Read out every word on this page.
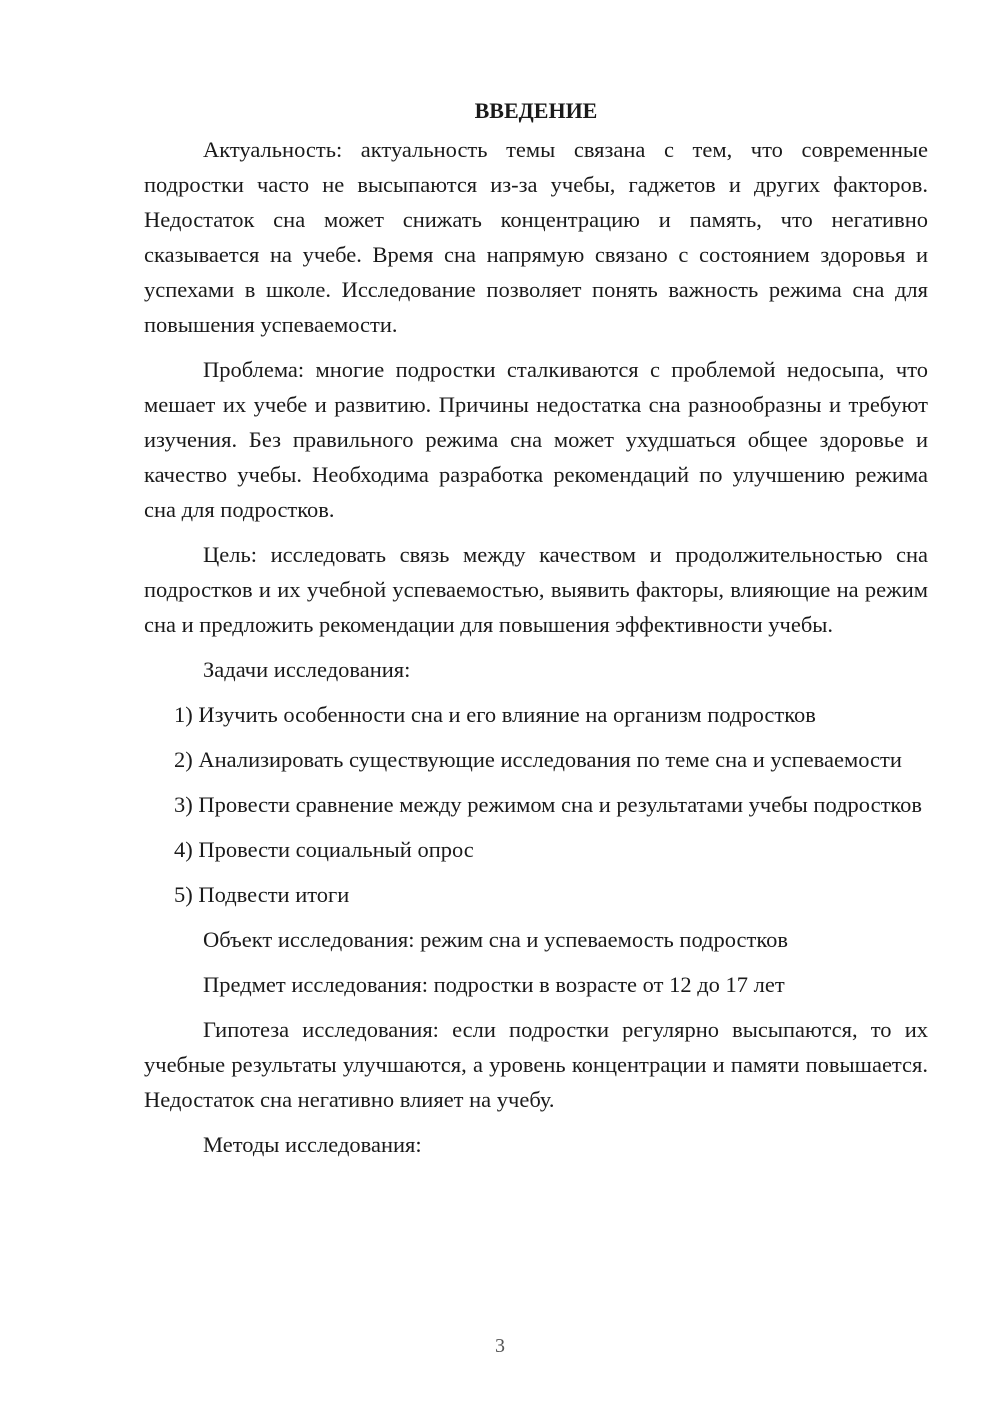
ВВЕДЕНИЕ

Актуальность: актуальность темы связана с тем, что современные подростки часто не высыпаются из-за учебы, гаджетов и других факторов. Недостаток сна может снижать концентрацию и память, что негативно сказывается на учебе. Время сна напрямую связано с состоянием здоровья и успехами в школе. Исследование позволяет понять важность режима сна для повышения успеваемости.

Проблема: многие подростки сталкиваются с проблемой недосыпа, что мешает их учебе и развитию. Причины недостатка сна разнообразны и требуют изучения. Без правильного режима сна может ухудшаться общее здоровье и качество учебы. Необходима разработка рекомендаций по улучшению режима сна для подростков.

Цель: исследовать связь между качеством и продолжительностью сна подростков и их учебной успеваемостью, выявить факторы, влияющие на режим сна и предложить рекомендации для повышения эффективности учебы.

Задачи исследования:

1) Изучить особенности сна и его влияние на организм подростков

2) Анализировать существующие исследования по теме сна и успеваемости

3) Провести сравнение между режимом сна и результатами учебы подростков

4) Провести социальный опрос

5) Подвести итоги

Объект исследования: режим сна и успеваемость подростков

Предмет исследования: подростки в возрасте от 12 до 17 лет

Гипотеза исследования: если подростки регулярно высыпаются, то их учебные результаты улучшаются, а уровень концентрации и памяти повышается. Недостаток сна негативно влияет на учебу.

Методы исследования:

3
